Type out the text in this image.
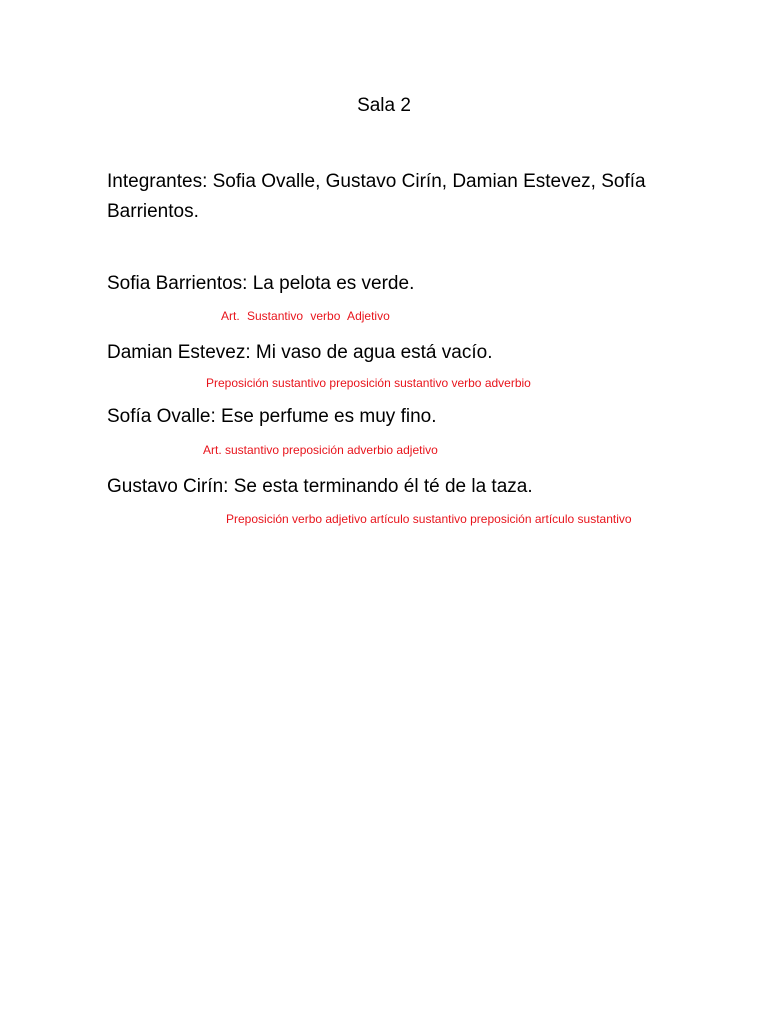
Sala 2
Integrantes: Sofia Ovalle, Gustavo Cirín, Damian Estevez, Sofía Barrientos.
Sofia Barrientos: La pelota es verde.
Art. Sustantivo verbo Adjetivo
Damian Estevez: Mi vaso de agua está vacío.
Preposición sustantivo preposición sustantivo verbo adverbio
Sofía Ovalle: Ese perfume es muy fino.
Art. sustantivo preposición adverbio adjetivo
Gustavo Cirín: Se esta terminando él té de la taza.
Preposición verbo adjetivo artículo sustantivo preposición artículo sustantivo
